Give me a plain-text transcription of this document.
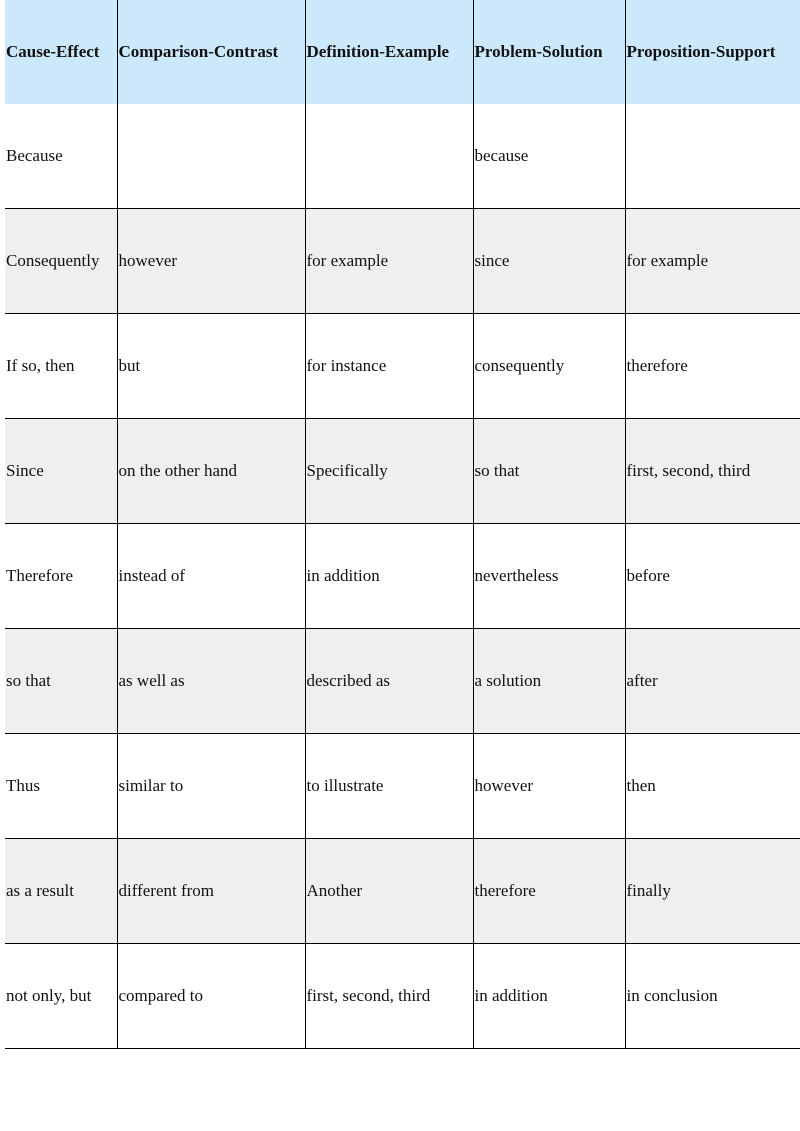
Cause-Effect	Comparison-Contrast	Definition-Example	Problem-Solution	Proposition-Support
Because			because	
Consequently	however	for example	since	for example
If so, then	but	for instance	consequently	therefore
Since	on the other hand	Specifically	so that	first, second, third
Therefore	instead of	in addition	nevertheless	before
so that	as well as	described as	a solution	after
Thus	similar to	to illustrate	however	then
as a result	different from	Another	therefore	finally
not only, but	compared to	first, second, third	in addition	in conclusion
